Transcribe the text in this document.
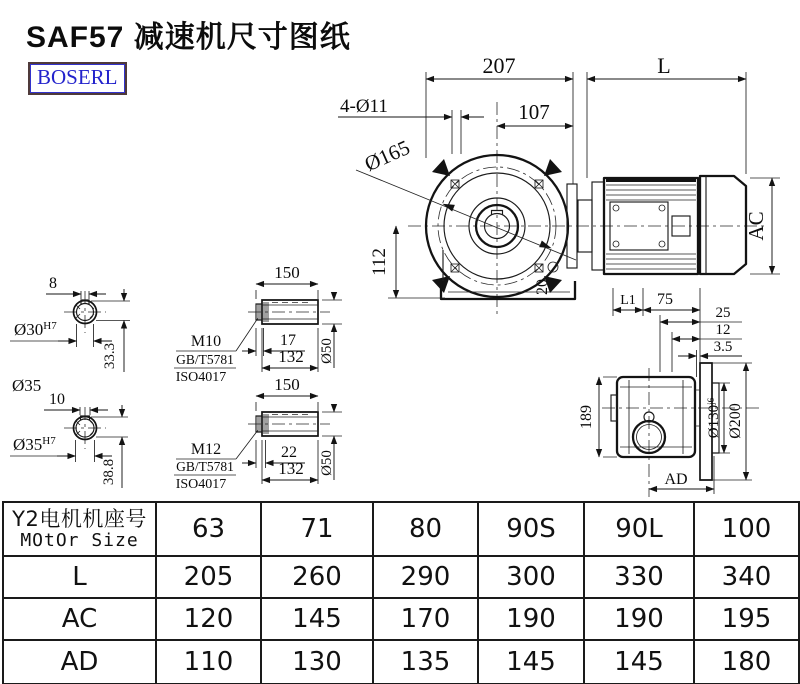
SAF57 减速机尺寸图纸
BOSERL	207	L
107
4-Ø11
Ø165
112
AC
20
8
$Ø30^{H7}$
33.3
Ø35
10
$Ø35^{H7}$
38.8
150
M10
GB/T5781
ISO4017
17
132 Ø50
150
M12
GB/T5781
ISO4017
22
132 Ø50
L1 75
25
12
3.5
189	$Ø130^{j6}$
Ø200
AD
Y2电机机座号
MOtOr Size	63	71	80	90S	90L	100
L	205	260	290	300	330	340
AC	120	145	170	190	190	195
AD	110	130	135	145	145	180
